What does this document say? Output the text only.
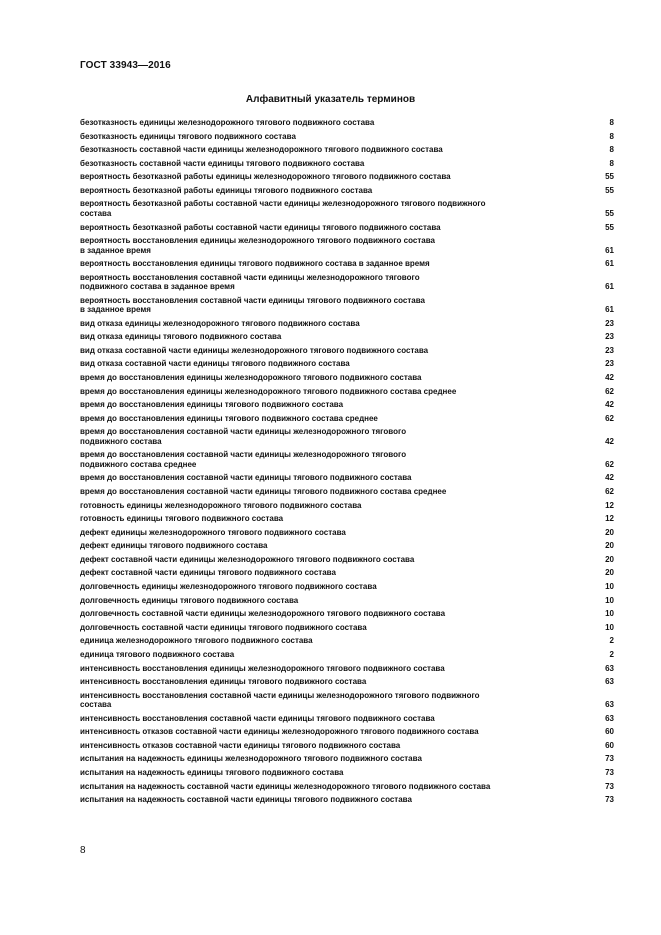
ГОСТ 33943—2016
Алфавитный указатель терминов
безотказность единицы железнодорожного тягового подвижного состава	8
безотказность единицы тягового подвижного состава	8
безотказность составной части единицы железнодорожного тягового подвижного состава	8
безотказность составной части единицы тягового подвижного состава	8
вероятность безотказной работы единицы железнодорожного тягового подвижного состава	55
вероятность безотказной работы единицы тягового подвижного состава	55
вероятность безотказной работы составной части единицы железнодорожного тягового подвижного
состава	55
вероятность безотказной работы составной части единицы тягового подвижного состава	55
вероятность восстановления единицы железнодорожного тягового подвижного состава
в заданное время	61
вероятность восстановления единицы тягового подвижного состава в заданное время	61
вероятность восстановления составной части единицы железнодорожного тягового
подвижного состава в заданное время	61
вероятность восстановления составной части единицы тягового подвижного состава
в заданное время	61
вид отказа единицы железнодорожного тягового подвижного состава	23
вид отказа единицы тягового подвижного состава	23
вид отказа составной части единицы железнодорожного тягового подвижного состава	23
вид отказа составной части единицы тягового подвижного состава	23
время до восстановления единицы железнодорожного тягового подвижного состава	42
время до восстановления единицы железнодорожного тягового подвижного состава среднее	62
время до восстановления единицы тягового подвижного состава	42
время до восстановления единицы тягового подвижного состава среднее	62
время до восстановления составной части единицы железнодорожного тягового
подвижного состава	42
время до восстановления составной части единицы железнодорожного тягового
подвижного состава среднее	62
время до восстановления составной части единицы тягового подвижного состава	42
время до восстановления составной части единицы тягового подвижного состава среднее	62
готовность единицы железнодорожного тягового подвижного состава	12
готовность единицы тягового подвижного состава	12
дефект единицы железнодорожного тягового подвижного состава	20
дефект единицы тягового подвижного состава	20
дефект составной части единицы железнодорожного тягового подвижного состава	20
дефект составной части единицы тягового подвижного состава	20
долговечность единицы железнодорожного тягового подвижного состава	10
долговечность единицы тягового подвижного состава	10
долговечность составной части единицы железнодорожного тягового подвижного состава	10
долговечность составной части единицы тягового подвижного состава	10
единица железнодорожного тягового подвижного состава	2
единица тягового подвижного состава	2
интенсивность восстановления единицы железнодорожного тягового подвижного состава	63
интенсивность восстановления единицы тягового подвижного состава	63
интенсивность восстановления составной части единицы железнодорожного тягового подвижного
состава	63
интенсивность восстановления составной части единицы тягового подвижного состава	63
интенсивность отказов составной части единицы железнодорожного тягового подвижного состава	60
интенсивность отказов составной части единицы тягового подвижного состава	60
испытания на надежность единицы железнодорожного тягового подвижного состава	73
испытания на надежность единицы тягового подвижного состава	73
испытания на надежность составной части единицы железнодорожного тягового подвижного состава	73
испытания на надежность составной части единицы тягового подвижного состава	73
8
